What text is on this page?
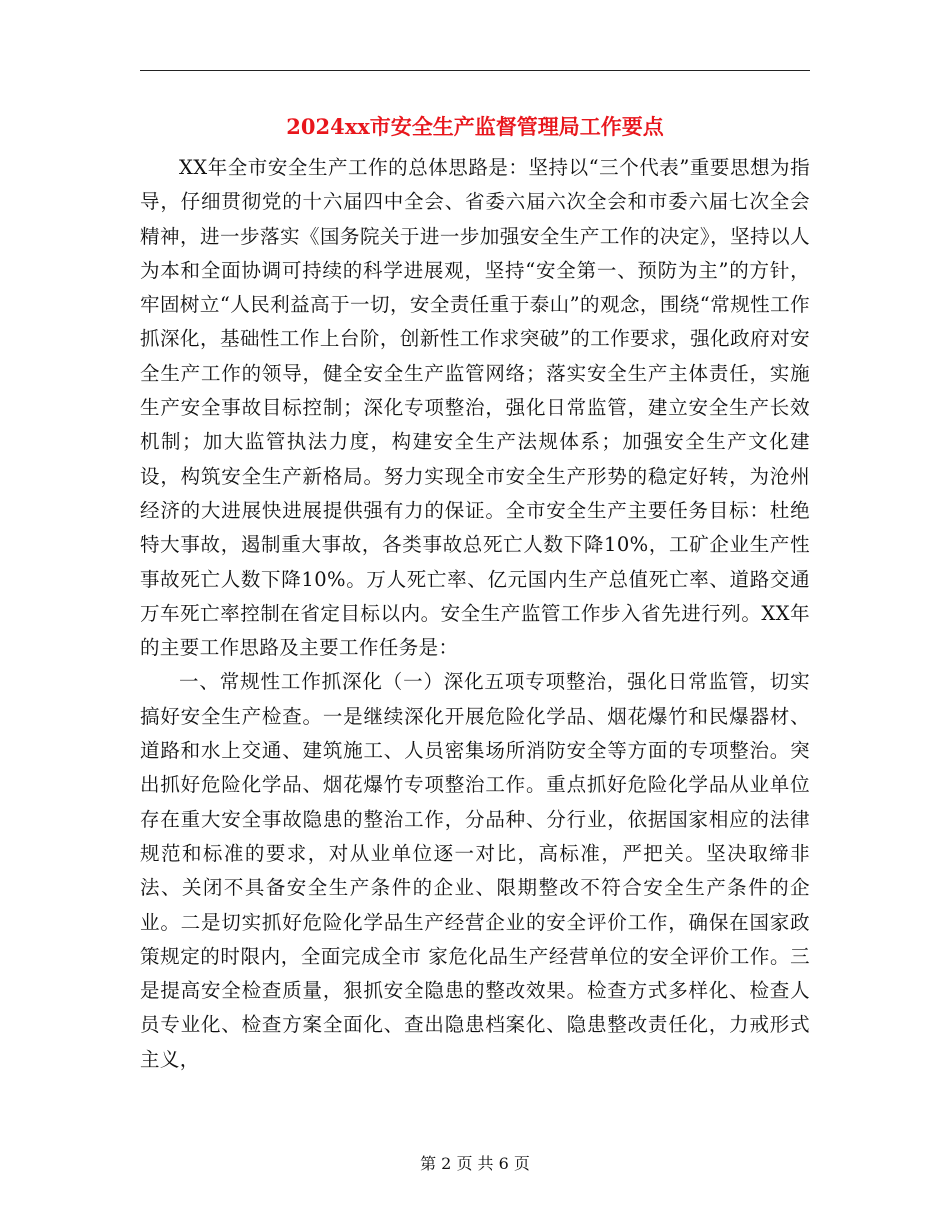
2024xx市安全生产监督管理局工作要点

XX年全市安全生产工作的总体思路是：坚持以“三个代表”重要思想为指导，仔细贯彻党的十六届四中全会、省委六届六次全会和市委六届七次全会精神，进一步落实《国务院关于进一步加强安全生产工作的决定》，坚持以人为本和全面协调可持续的科学进展观，坚持“安全第一、预防为主”的方针，牢固树立“人民利益高于一切，安全责任重于泰山”的观念，围绕“常规性工作抓深化，基础性工作上台阶，创新性工作求突破”的工作要求，强化政府对安全生产工作的领导，健全安全生产监管网络；落实安全生产主体责任，实施生产安全事故目标控制；深化专项整治，强化日常监管，建立安全生产长效机制；加大监管执法力度，构建安全生产法规体系；加强安全生产文化建设，构筑安全生产新格局。努力实现全市安全生产形势的稳定好转，为沧州经济的大进展快进展提供强有力的保证。全市安全生产主要任务目标：杜绝特大事故，遏制重大事故，各类事故总死亡人数下降10%，工矿企业生产性事故死亡人数下降10%。万人死亡率、亿元国内生产总值死亡率、道路交通万车死亡率控制在省定目标以内。安全生产监管工作步入省先进行列。XX年的主要工作思路及主要工作任务是：

一、常规性工作抓深化（一）深化五项专项整治，强化日常监管，切实搞好安全生产检查。一是继续深化开展危险化学品、烟花爆竹和民爆器材、道路和水上交通、建筑施工、人员密集场所消防安全等方面的专项整治。突出抓好危险化学品、烟花爆竹专项整治工作。重点抓好危险化学品从业单位存在重大安全事故隐患的整治工作，分品种、分行业，依据国家相应的法律规范和标准的要求，对从业单位逐一对比，高标准，严把关。坚决取缔非法、关闭不具备安全生产条件的企业、限期整改不符合安全生产条件的企业。二是切实抓好危险化学品生产经营企业的安全评价工作，确保在国家政策规定的时限内，全面完成全市 家危化品生产经营单位的安全评价工作。三是提高安全检查质量，狠抓安全隐患的整改效果。检查方式多样化、检查人员专业化、检查方案全面化、查出隐患档案化、隐患整改责任化，力戒形式主义，

第 2 页 共 6 页
